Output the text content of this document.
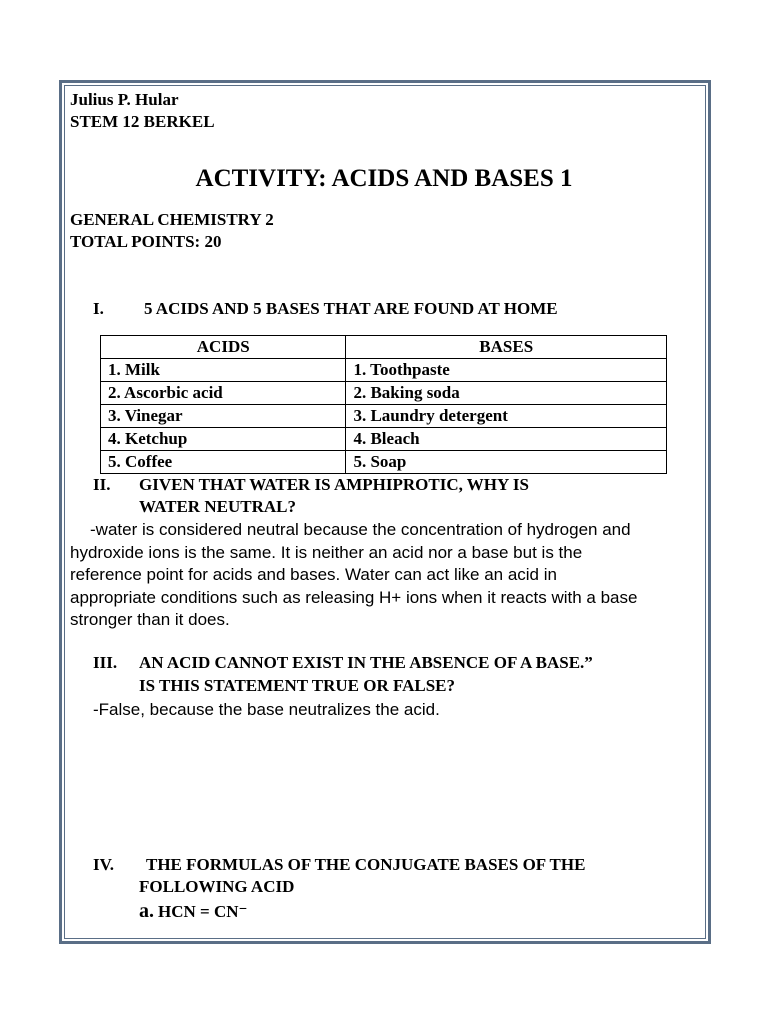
Julius P. Hular
STEM 12 BERKEL
ACTIVITY: ACIDS AND BASES 1
GENERAL CHEMISTRY 2
TOTAL POINTS: 20
I. 5 ACIDS AND 5 BASES THAT ARE FOUND AT HOME
ACIDS	BASES
1. Milk	1. Toothpaste
2. Ascorbic acid	2. Baking soda
3. Vinegar	3. Laundry detergent
4. Ketchup	4. Bleach
5. Coffee	5. Soap
II. GIVEN THAT WATER IS AMPHIPROTIC, WHY IS
WATER NEUTRAL?
-water is considered neutral because the concentration of hydrogen and
hydroxide ions is the same. It is neither an acid nor a base but is the
reference point for acids and bases. Water can act like an acid in
appropriate conditions such as releasing H+ ions when it reacts with a base
stronger than it does.
III. AN ACID CANNOT EXIST IN THE ABSENCE OF A BASE.”
IS THIS STATEMENT TRUE OR FALSE?
-False, because the base neutralizes the acid.
IV. THE FORMULAS OF THE CONJUGATE BASES OF THE
FOLLOWING ACID
a. HCN = CN⁻
